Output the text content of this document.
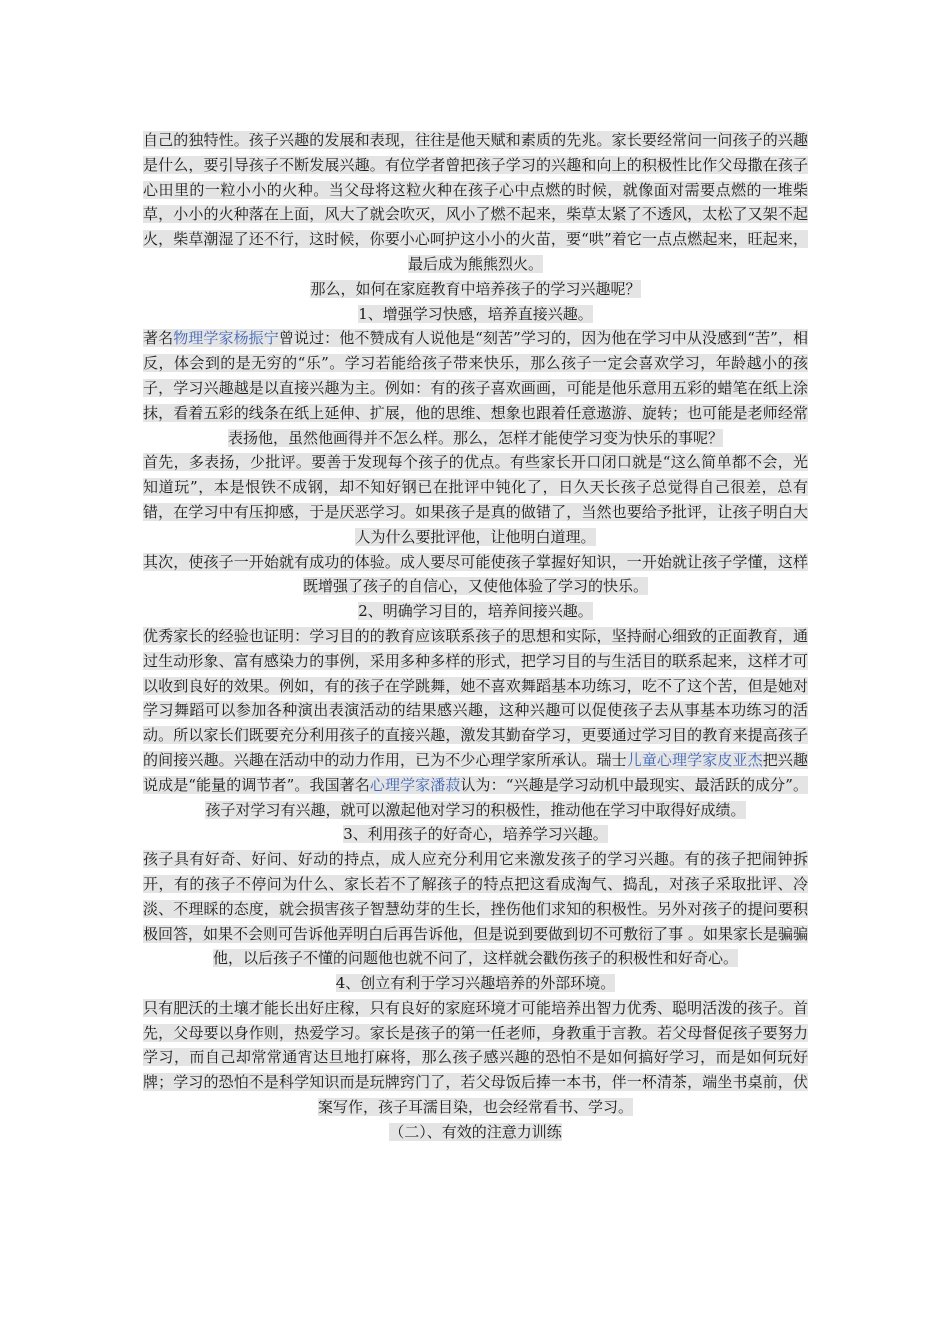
自己的独特性。孩子兴趣的发展和表现，往往是他天赋和素质的先兆。家长要经常问一问孩子的兴趣是什么，要引导孩子不断发展兴趣。有位学者曾把孩子学习的兴趣和向上的积极性比作父母撒在孩子心田里的一粒小小的火种。当父母将这粒火种在孩子心中点燃的时候，就像面对需要点燃的一堆柴草，小小的火种落在上面，风大了就会吹灭，风小了燃不起来，柴草太紧了不透风，太松了又架不起火，柴草潮湿了还不行，这时候，你要小心呵护这小小的火苗，要“哄”着它一点点燃起来，旺起来，最后成为熊熊烈火。

那么，如何在家庭教育中培养孩子的学习兴趣呢？

1、增强学习快感，培养直接兴趣。

著名物理学家杨振宁曾说过：他不赞成有人说他是“刻苦”学习的，因为他在学习中从没感到“苦”，相反，体会到的是无穷的“乐”。学习若能给孩子带来快乐，那么孩子一定会喜欢学习，年龄越小的孩子，学习兴趣越是以直接兴趣为主。例如：有的孩子喜欢画画，可能是他乐意用五彩的蜡笔在纸上涂抹，看着五彩的线条在纸上延伸、扩展，他的思维、想象也跟着任意遨游、旋转；也可能是老师经常表扬他，虽然他画得并不怎么样。那么，怎样才能使学习变为快乐的事呢？

首先，多表扬，少批评。要善于发现每个孩子的优点。有些家长开口闭口就是“这么简单都不会，光知道玩”，本是恨铁不成钢，却不知好钢已在批评中钝化了，日久天长孩子总觉得自己很差，总有错，在学习中有压抑感，于是厌恶学习。如果孩子是真的做错了，当然也要给予批评，让孩子明白大人为什么要批评他，让他明白道理。

其次，使孩子一开始就有成功的体验。成人要尽可能使孩子掌握好知识，一开始就让孩子学懂，这样既增强了孩子的自信心，又使他体验了学习的快乐。

2、明确学习目的，培养间接兴趣。

优秀家长的经验也证明：学习目的的教育应该联系孩子的思想和实际，坚持耐心细致的正面教育，通过生动形象、富有感染力的事例，采用多种多样的形式，把学习目的与生活目的联系起来，这样才可以收到良好的效果。例如，有的孩子在学跳舞，她不喜欢舞蹈基本功练习，吃不了这个苦，但是她对学习舞蹈可以参加各种演出表演活动的结果感兴趣，这种兴趣可以促使孩子去从事基本功练习的活动。所以家长们既要充分利用孩子的直接兴趣，激发其勤奋学习，更要通过学习目的教育来提高孩子的间接兴趣。兴趣在活动中的动力作用，已为不少心理学家所承认。瑞士儿童心理学家皮亚杰把兴趣说成是“能量的调节者”。我国著名心理学家潘菽认为：“兴趣是学习动机中最现实、最活跃的成分”。孩子对学习有兴趣，就可以激起他对学习的积极性，推动他在学习中取得好成绩。

3、利用孩子的好奇心，培养学习兴趣。

孩子具有好奇、好问、好动的持点，成人应充分利用它来激发孩子的学习兴趣。有的孩子把闹钟拆开，有的孩子不停问为什么、家长若不了解孩子的特点把这看成淘气、捣乱，对孩子采取批评、冷淡、不理睬的态度，就会损害孩子智慧幼芽的生长，挫伤他们求知的积极性。另外对孩子的提问要积极回答，如果不会则可告诉他弄明白后再告诉他，但是说到要做到切不可敷衍了事 。如果家长是骗骗他，以后孩子不懂的问题他也就不问了，这样就会戳伤孩子的积极性和好奇心。

4、创立有利于学习兴趣培养的外部环境。

只有肥沃的土壤才能长出好庄稼，只有良好的家庭环境才可能培养出智力优秀、聪明活泼的孩子。首先，父母要以身作则，热爱学习。家长是孩子的第一任老师，身教重于言教。若父母督促孩子要努力学习，而自己却常常通宵达旦地打麻将，那么孩子感兴趣的恐怕不是如何搞好学习，而是如何玩好牌；学习的恐怕不是科学知识而是玩牌窍门了，若父母饭后捧一本书，伴一杯清茶，端坐书桌前，伏案写作，孩子耳濡目染，也会经常看书、学习。

（二）、有效的注意力训练
